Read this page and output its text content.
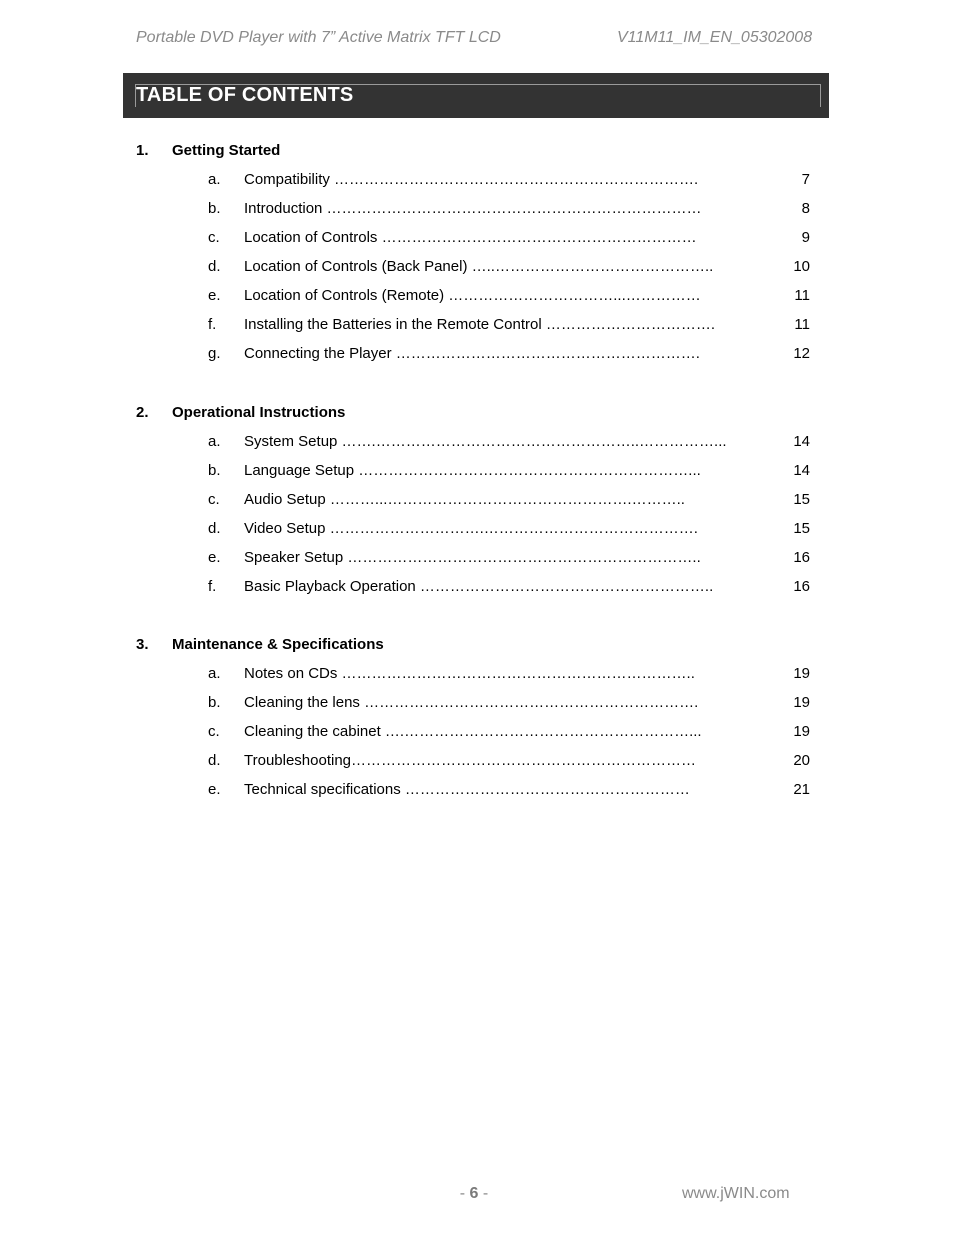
Portable DVD Player with 7” Active Matrix TFT LCD	V11M11_IM_EN_05302008
TABLE OF CONTENTS
1. Getting Started
a. Compatibility ……………………………………………………………….	7
b. Introduction …………………………………………………………………	8
c. Location of Controls ………………………………………………………	9
d. Location of Controls (Back Panel) …..……………………………………..	10
e. Location of Controls (Remote) ……………………………...……………	11
f. Installing the Batteries in the Remote Control …………………………….	11
g. Connecting the Player …………………………………………………….	12
2. Operational Instructions
a. System Setup …….……………………………………………..……………...	14
b. Language Setup …………………………………………………………...	14
c. Audio Setup ………...………………………………………….………..	15
d. Video Setup ………………………….…………………………………….	15
e. Speaker Setup ……………………………………………………………..	16
f. Basic Playback Operation …………………………………………………..	16
3. Maintenance & Specifications
a. Notes on CDs ……………………………………………………………..	19
b. Cleaning the lens ………………………………………………………….	19
c. Cleaning the cabinet ….…………………………………………………...	19
d. Troubleshooting……………………………………………………………	20
e. Technical specifications …………………………………………………	21
- 6 -	www.jWIN.com
